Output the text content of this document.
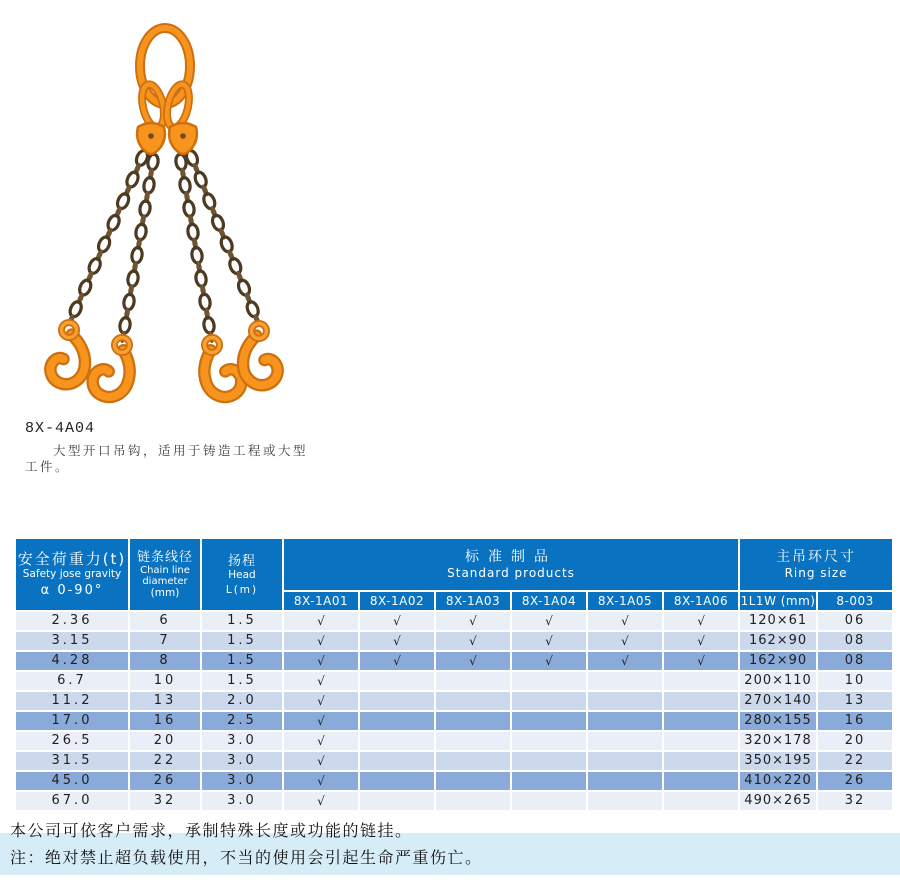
8X-4A04
大型开口吊钩，适用于铸造工程或大型
工件。
安全荷重力(t)
Safety jose gravity
α 0-90°

链条线径
Chain line
diameter
(mm)

扬程
Head
L(m)

标准制品
Standard products

主吊环尺寸
Ring size

			8X-1A01	8X-1A02	8X-1A03	8X-1A04	8X-1A05	8X-1A06	1L1W (mm)	8-003
2.36	6	1.5	√	√	√	√	√	√	120×61	06
3.15	7	1.5	√	√	√	√	√	√	162×90	08
4.28	8	1.5	√	√	√	√	√	√	162×90	08
6.7	10	1.5	√						200×110	10
11.2	13	2.0	√						270×140	13
17.0	16	2.5	√						280×155	16
26.5	20	3.0	√						320×178	20
31.5	22	3.0	√						350×195	22
45.0	26	3.0	√						410×220	26
67.0	32	3.0	√						490×265	32
本公司可依客户需求，承制特殊长度或功能的链挂。
注：绝对禁止超负载使用，不当的使用会引起生命严重伤亡。
